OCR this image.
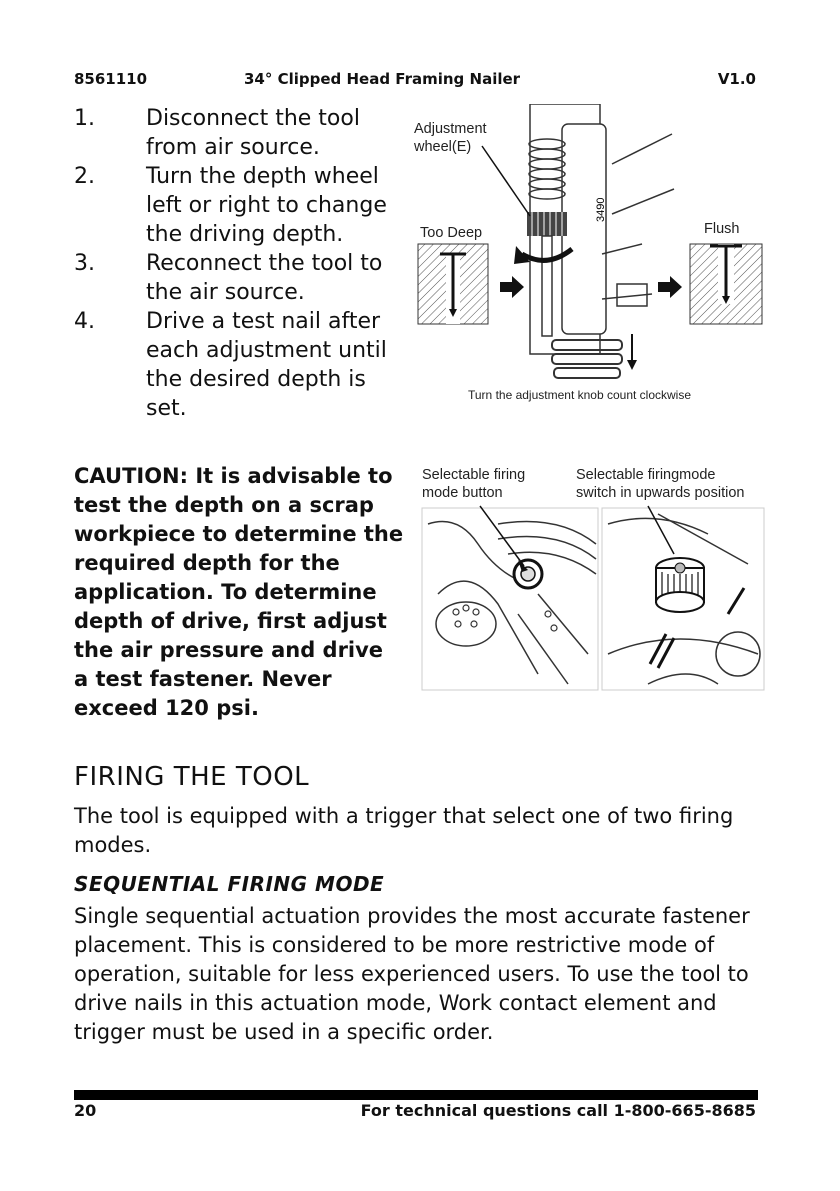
8561110	34° Clipped Head Framing Nailer	V1.0
1. Disconnect the tool from air source.
2. Turn the depth wheel left or right to change the driving depth.
3. Reconnect the tool to the air source.
4. Drive a test nail after each adjustment until the desired depth is set.
3490
Adjustment
wheel(E)
Too Deep	Flush
Turn the adjustment knob count clockwise

CAUTION: It is advisable to test the depth on a scrap workpiece to determine the required depth for the application. To determine depth of drive, first adjust the air pressure and drive a test fastener. Never exceed 120 psi.

Selectable firing
mode button
Selectable firingmode
switch in upwards position
FIRING THE TOOL

The tool is equipped with a trigger that select one of two firing modes.

SEQUENTIAL FIRING MODE

Single sequential actuation provides the most accurate fastener placement. This is considered to be more restrictive mode of operation, suitable for less experienced users. To use the tool to drive nails in this actuation mode, Work contact element and trigger must be used in a specific order.

20	For technical questions call 1-800-665-8685
